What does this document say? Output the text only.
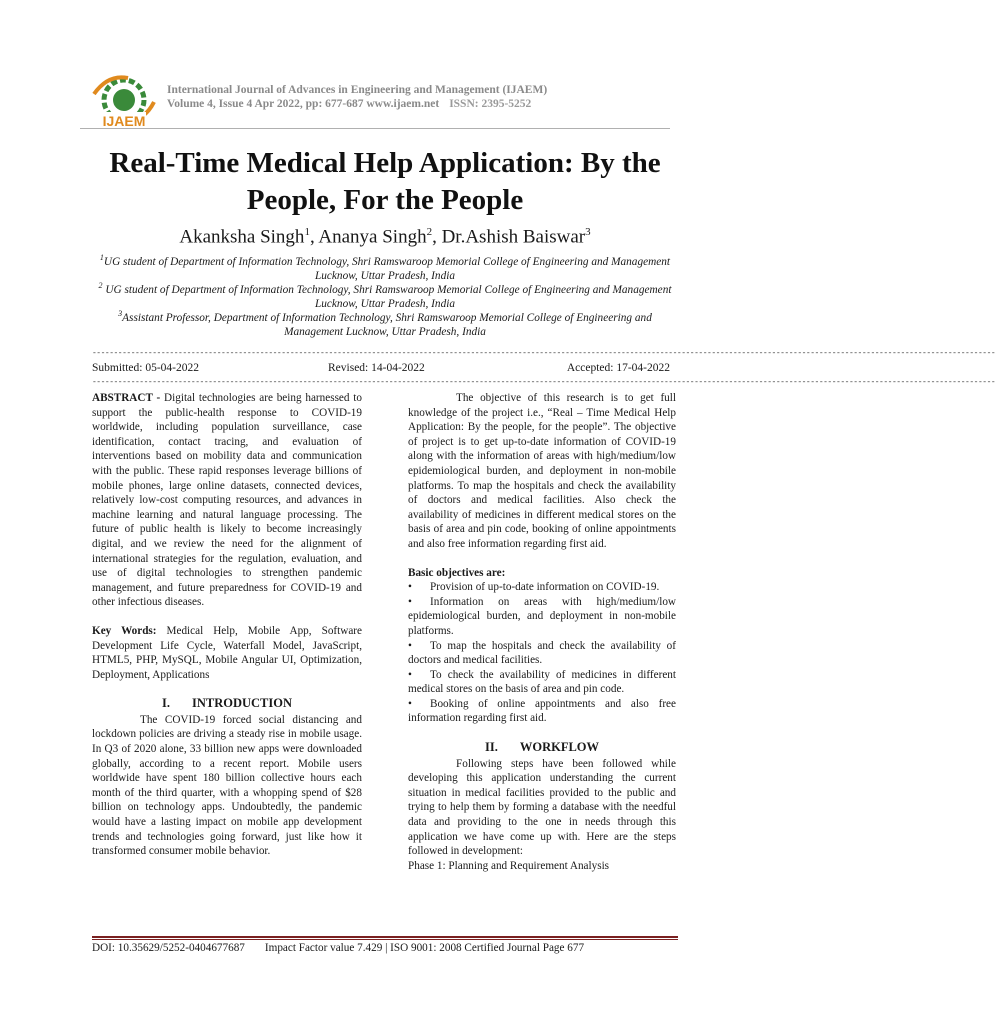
IJAEM
International Journal of Advances in Engineering and Management (IJAEM)
Volume 4, Issue 4 Apr 2022, pp: 677-687 www.ijaem.net ISSN: 2395-5252
Real-Time Medical Help Application: By the People, For the People
Akanksha Singh$^1$, Ananya Singh$^2$, Dr.Ashish Baiswar$^3$
$^1$UG student of Department of Information Technology, Shri Ramswaroop Memorial College of Engineering and Management Lucknow, Uttar Pradesh, India
$^2$ UG student of Department of Information Technology, Shri Ramswaroop Memorial College of Engineering and Management Lucknow, Uttar Pradesh, India
$^3$Assistant Professor, Department of Information Technology, Shri Ramswaroop Memorial College of Engineering and Management Lucknow, Uttar Pradesh, India
------------------------------------------------------------------------------------------------------------------------------------------------------------------------------------------------------------------
Submitted: 05-04-2022	Revised: 14-04-2022	Accepted: 17-04-2022
------------------------------------------------------------------------------------------------------------------------------------------------------------------------------------------------------------------

ABSTRACT - Digital technologies are being harnessed to support the public-health response to COVID-19 worldwide, including population surveillance, case identification, contact tracing, and evaluation of interventions based on mobility data and communication with the public. These rapid responses leverage billions of mobile phones, large online datasets, connected devices, relatively low-cost computing resources, and advances in machine learning and natural language processing. The future of public health is likely to become increasingly digital, and we review the need for the alignment of international strategies for the regulation, evaluation, and use of digital technologies to strengthen pandemic management, and future preparedness for COVID-19 and other infectious diseases.

Key Words: Medical Help, Mobile App, Software Development Life Cycle, Waterfall Model, JavaScript, HTML5, PHP, MySQL, Mobile Angular UI, Optimization, Deployment, Applications

I. INTRODUCTION

The COVID-19 forced social distancing and lockdown policies are driving a steady rise in mobile usage. In Q3 of 2020 alone, 33 billion new apps were downloaded globally, according to a recent report. Mobile users worldwide have spent 180 billion collective hours each month of the third quarter, with a whopping spend of $28 billion on technology apps. Undoubtedly, the pandemic would have a lasting impact on mobile app development trends and technologies going forward, just like how it transformed consumer mobile behavior.

The objective of this research is to get full knowledge of the project i.e., “Real – Time Medical Help Application: By the people, for the people”. The objective of project is to get up-to-date information of COVID-19 along with the information of areas with high/medium/low epidemiological burden, and deployment in non-mobile platforms. To map the hospitals and check the availability of doctors and medical facilities. Also check the availability of medicines in different medical stores on the basis of area and pin code, booking of online appointments and also free information regarding first aid.

Basic objectives are:

• Provision of up-to-date information on COVID-19.

• Information on areas with high/medium/low epidemiological burden, and deployment in non-mobile platforms.

• To map the hospitals and check the availability of doctors and medical facilities.

• To check the availability of medicines in different medical stores on the basis of area and pin code.

• Booking of online appointments and also free information regarding first aid.

II. WORKFLOW

Following steps have been followed while developing this application understanding the current situation in medical facilities provided to the public and trying to help them by forming a database with the needful data and providing to the one in needs through this application we have come up with. Here are the steps followed in development:

Phase 1: Planning and Requirement Analysis

DOI: 10.35629/5252-0404677687 Impact Factor value 7.429 | ISO 9001: 2008 Certified Journal Page 677
